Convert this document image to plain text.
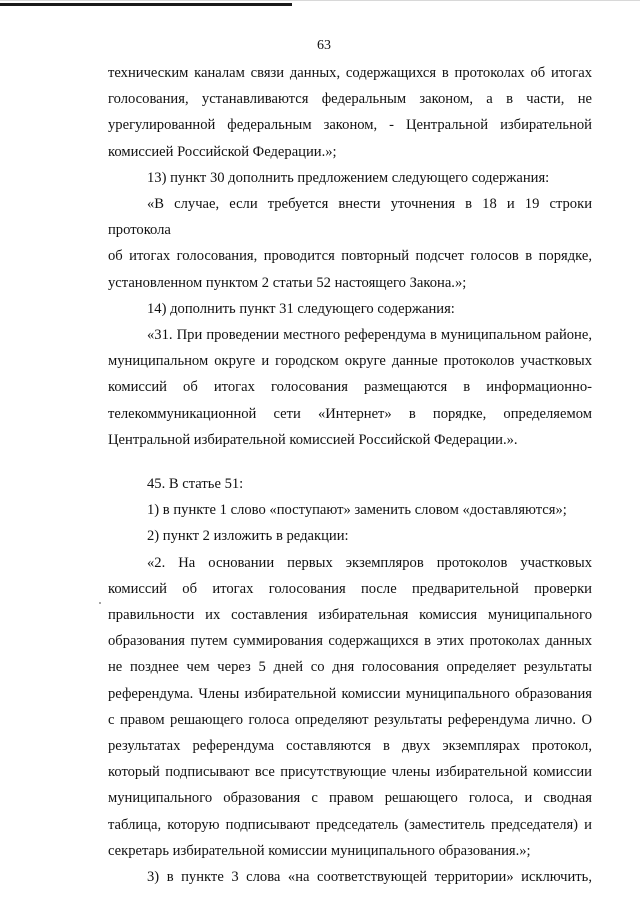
63
техническим каналам связи данных, содержащихся в протоколах об итогах
голосования, устанавливаются федеральным законом, а в части, не
урегулированной федеральным законом, - Центральной избирательной
комиссией Российской Федерации.»;
13) пункт 30 дополнить предложением следующего содержания:
«В случае, если требуется внести уточнения в 18 и 19 строки протокола
об итогах голосования, проводится повторный подсчет голосов в порядке,
установленном пунктом 2 статьи 52 настоящего Закона.»;
14) дополнить пункт 31 следующего содержания:
«31. При проведении местного референдума в муниципальном районе,
муниципальном округе и городском округе данные протоколов участковых
комиссий об итогах голосования размещаются в информационно-
телекоммуникационной сети «Интернет» в порядке, определяемом
Центральной избирательной комиссией Российской Федерации.».
45. В статье 51:
1) в пункте 1 слово «поступают» заменить словом «доставляются»;
2) пункт 2 изложить в редакции:
«2. На основании первых экземпляров протоколов участковых
комиссий об итогах голосования после предварительной проверки
правильности их составления избирательная комиссия муниципального
образования путем суммирования содержащихся в этих протоколах данных
не позднее чем через 5 дней со дня голосования определяет результаты
референдума. Члены избирательной комиссии муниципального образования
с правом решающего голоса определяют результаты референдума лично. О
результатах референдума составляются в двух экземплярах протокол,
который подписывают все присутствующие члены избирательной комиссии
муниципального образования с правом решающего голоса, и сводная
таблица, которую подписывают председатель (заместитель председателя) и
секретарь избирательной комиссии муниципального образования.»;
3) в пункте 3 слова «на соответствующей территории» исключить,
